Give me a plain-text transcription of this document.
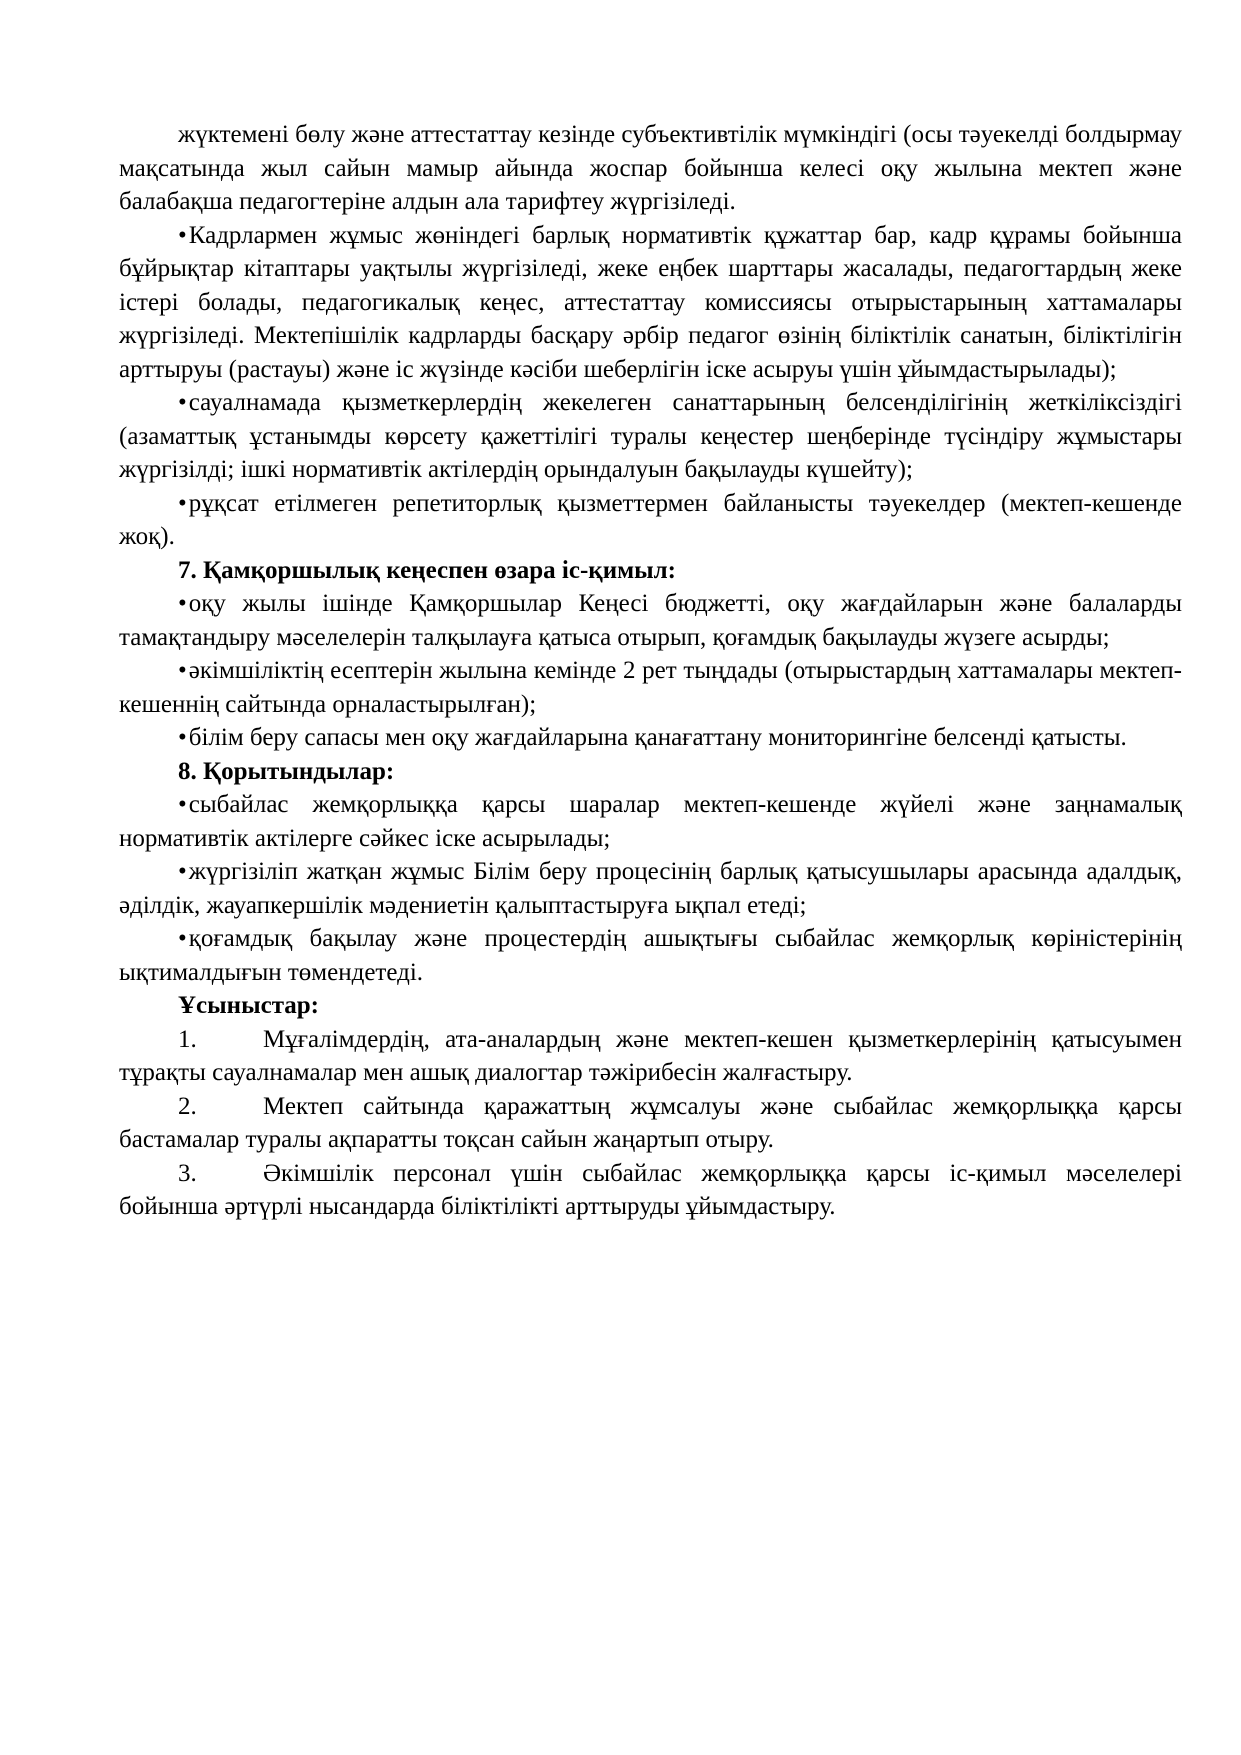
жүктемені бөлу және аттестаттау кезінде субъективтілік мүмкіндігі (осы тәуекелді болдырмау мақсатында жыл сайын мамыр айында жоспар бойынша келесі оқу жылына мектеп және балабақша педагогтеріне алдын ала тарифтеу жүргізіледі.

•Кадрлармен жұмыс жөніндегі барлық нормативтік құжаттар бар, кадр құрамы бойынша бұйрықтар кітаптары уақтылы жүргізіледі, жеке еңбек шарттары жасалады, педагогтардың жеке істері болады, педагогикалық кеңес, аттестаттау комиссиясы отырыстарының хаттамалары жүргізіледі. Мектепішілік кадрларды басқару әрбір педагог өзінің біліктілік санатын, біліктілігін арттыруы (растауы) және іс жүзінде кәсіби шеберлігін іске асыруы үшін ұйымдастырылады);

•сауалнамада қызметкерлердің жекелеген санаттарының белсенділігінің жеткіліксіздігі (азаматтық ұстанымды көрсету қажеттілігі туралы кеңестер шеңберінде түсіндіру жұмыстары жүргізілді; ішкі нормативтік актілердің орындалуын бақылауды күшейту);

•рұқсат етілмеген репетиторлық қызметтермен байланысты тәуекелдер (мектеп-кешенде жоқ).

7. Қамқоршылық кеңеспен өзара іс-қимыл:

•оқу жылы ішінде Қамқоршылар Кеңесі бюджетті, оқу жағдайларын және балаларды тамақтандыру мәселелерін талқылауға қатыса отырып, қоғамдық бақылауды жүзеге асырды;

•әкімшіліктің есептерін жылына кемінде 2 рет тыңдады (отырыстардың хаттамалары мектеп-кешеннің сайтында орналастырылған);

•білім беру сапасы мен оқу жағдайларына қанағаттану мониторингіне белсенді қатысты.

8. Қорытындылар:

•сыбайлас жемқорлыққа қарсы шаралар мектеп-кешенде жүйелі және заңнамалық нормативтік актілерге сәйкес іске асырылады;

•жүргізіліп жатқан жұмыс Білім беру процесінің барлық қатысушылары арасында адалдық, әділдік, жауапкершілік мәдениетін қалыптастыруға ықпал етеді;

•қоғамдық бақылау және процестердің ашықтығы сыбайлас жемқорлық көріністерінің ықтималдығын төмендетеді.

Ұсыныстар:

1.	Мұғалімдердің, ата-аналардың және мектеп-кешен қызметкерлерінің қатысуымен тұрақты сауалнамалар мен ашық диалогтар тәжірибесін жалғастыру.

2.	Мектеп сайтында қаражаттың жұмсалуы және сыбайлас жемқорлыққа қарсы бастамалар туралы ақпаратты тоқсан сайын жаңартып отыру.

3.	Әкімшілік персонал үшін сыбайлас жемқорлыққа қарсы іс-қимыл мәселелері бойынша әртүрлі нысандарда біліктілікті арттыруды ұйымдастыру.
